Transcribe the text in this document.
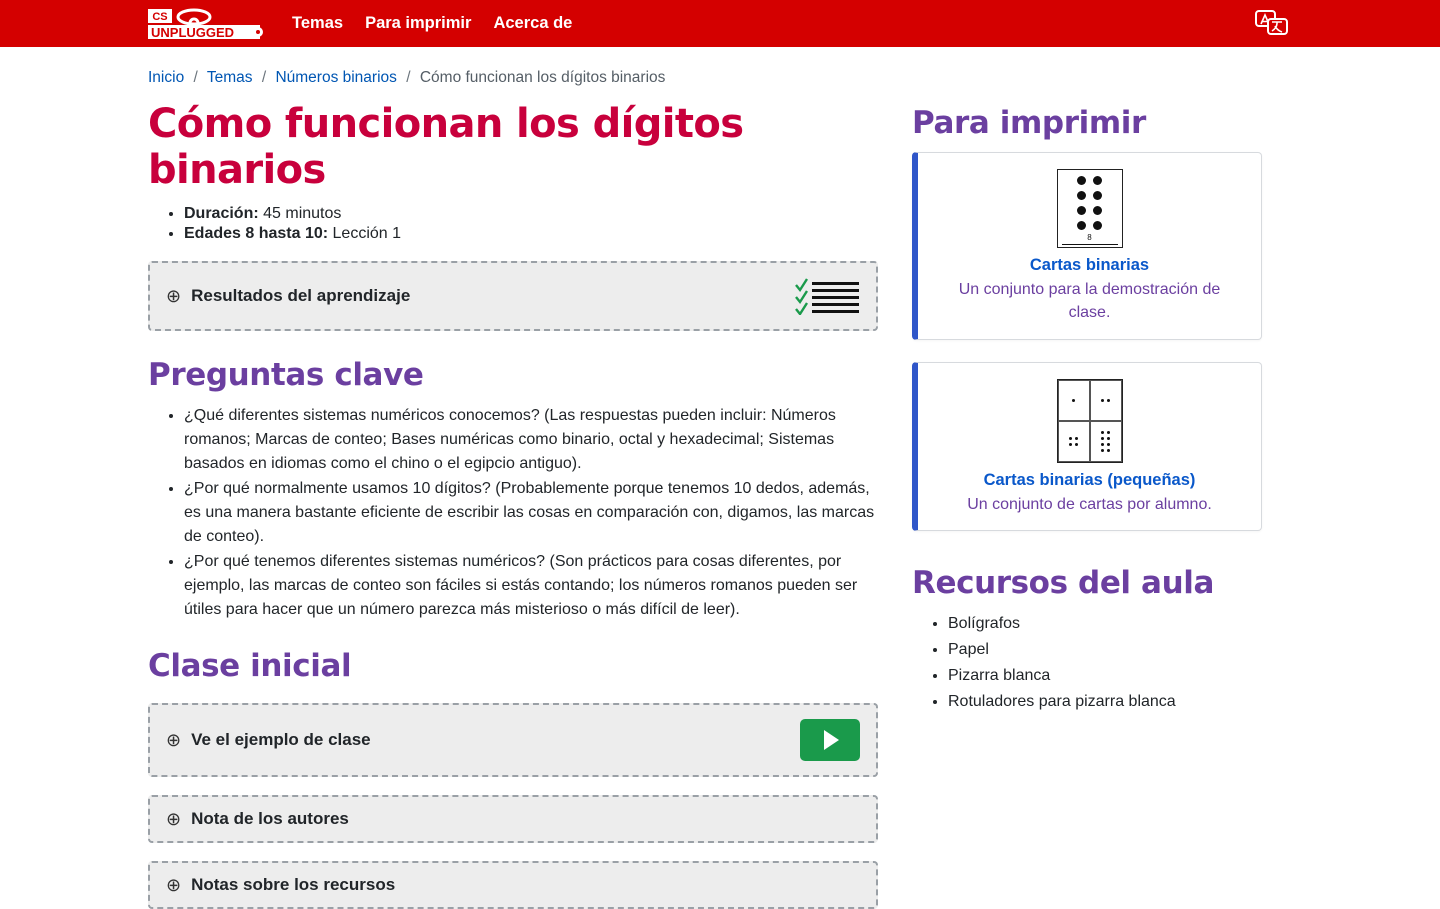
CS
UNPLUGGED	Temas Para imprimir Acerca de
Inicio / Temas / Números binarios / Cómo funcionan los dígitos binarios
Cómo funcionan los dígitos binarios
• Duración: 45 minutos
• Edades 8 hasta 10: Lección 1
⊕ Resultados del aprendizaje
Preguntas clave
• ¿Qué diferentes sistemas numéricos conocemos? (Las respuestas pueden incluir: Números romanos; Marcas de conteo; Bases numéricas como binario, octal y hexadecimal; Sistemas basados en idiomas como el chino o el egipcio antiguo).
• ¿Por qué normalmente usamos 10 dígitos? (Probablemente porque tenemos 10 dedos, además, es una manera bastante eficiente de escribir las cosas en comparación con, digamos, las marcas de conteo).
• ¿Por qué tenemos diferentes sistemas numéricos? (Son prácticos para cosas diferentes, por ejemplo, las marcas de conteo son fáciles si estás contando; los números romanos pueden ser útiles para hacer que un número parezca más misterioso o más difícil de leer).
Clase inicial
⊕ Ve el ejemplo de clase
⊕ Nota de los autores
⊕ Notas sobre los recursos
Para imprimir
8
Cartas binarias
Un conjunto para la demostración de clase.
Cartas binarias (pequeñas)
Un conjunto de cartas por alumno.
Recursos del aula
• Bolígrafos
• Papel
• Pizarra blanca
• Rotuladores para pizarra blanca
